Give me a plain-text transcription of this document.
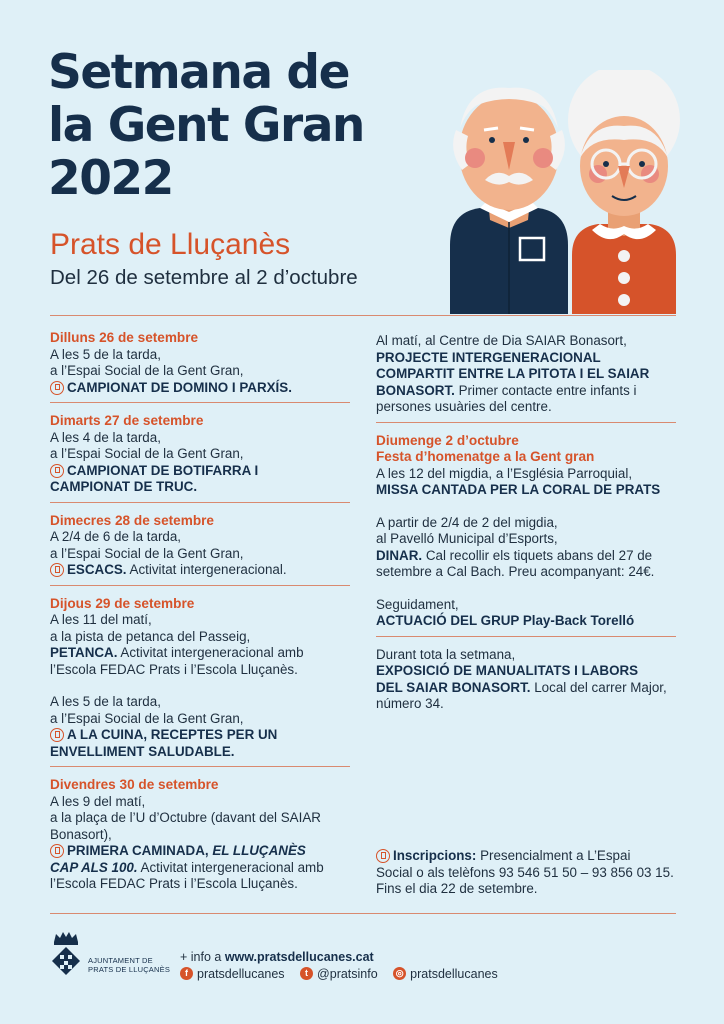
Setmana de
la Gent Gran
2022
Prats de Lluçanès
Del 26 de setembre al 2 d’octubre
Dilluns 26 de setembre
A les 5 de la tarda,
a l’Espai Social de la Gent Gran,
CAMPIONAT DE DOMINO I PARXÍS.
Dimarts 27 de setembre
A les 4 de la tarda,
a l’Espai Social de la Gent Gran,
CAMPIONAT DE BOTIFARRA I
CAMPIONAT DE TRUC.
Dimecres 28 de setembre
A 2/4 de 6 de la tarda,
a l’Espai Social de la Gent Gran,
ESCACS. Activitat intergeneracional.
Dijous 29 de setembre
A les 11 del matí,
a la pista de petanca del Passeig,
PETANCA. Activitat intergeneracional amb
l’Escola FEDAC Prats i l’Escola Lluçanès.
A les 5 de la tarda,
a l’Espai Social de la Gent Gran,
A LA CUINA, RECEPTES PER UN
ENVELLIMENT SALUDABLE.
Divendres 30 de setembre
A les 9 del matí,
a la plaça de l’U d’Octubre (davant del SAIAR
Bonasort),
PRIMERA CAMINADA, EL LLUÇANÈS
CAP ALS 100. Activitat intergeneracional amb
l’Escola FEDAC Prats i l’Escola Lluçanès.
Al matí, al Centre de Dia SAIAR Bonasort,
PROJECTE INTERGENERACIONAL
COMPARTIT ENTRE LA PITOTA I EL SAIAR
BONASORT. Primer contacte entre infants i
persones usuàries del centre.
Diumenge 2 d’octubre
Festa d’homenatge a la Gent gran
A les 12 del migdia, a l’Església Parroquial,
MISSA CANTADA PER LA CORAL DE PRATS
A partir de 2/4 de 2 del migdia,
al Pavelló Municipal d’Esports,
DINAR. Cal recollir els tiquets abans del 27 de
setembre a Cal Bach. Preu acompanyant: 24€.
Seguidament,
ACTUACIÓ DEL GRUP Play-Back Torelló
Durant tota la setmana,
EXPOSICIÓ DE MANUALITATS I LABORS
DEL SAIAR BONASORT. Local del carrer Major,
número 34.
Inscripcions: Presencialment a L’Espai
Social o als telèfons 93 546 51 50 – 93 856 03 15.
Fins el dia 22 de setembre.
AJUNTAMENT DE
PRATS DE LLUÇANÈS
+ info a www.pratsdellucanes.cat
f pratsdellucanes
	t @pratsinfo
◎ pratsdellucanes
